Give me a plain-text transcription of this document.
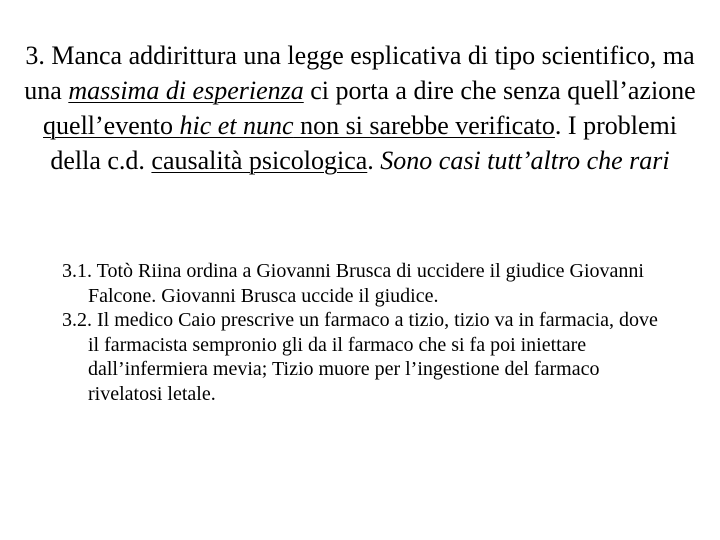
3. Manca addirittura una legge esplicativa di tipo scientifico, ma una massima di esperienza ci porta a dire che senza quell’azione quell’evento hic et nunc non si sarebbe verificato. I problemi della c.d. causalità psicologica. Sono casi tutt’altro che rari
3.1. Totò Riina ordina a Giovanni Brusca di uccidere il giudice Giovanni Falcone. Giovanni Brusca uccide il giudice.
3.2. Il medico Caio prescrive un farmaco a tizio, tizio va in farmacia, dove il farmacista sempronio gli da il farmaco che si fa poi iniettare dall’infermiera mevia; Tizio muore per l’ingestione del farmaco rivelatosi letale.
